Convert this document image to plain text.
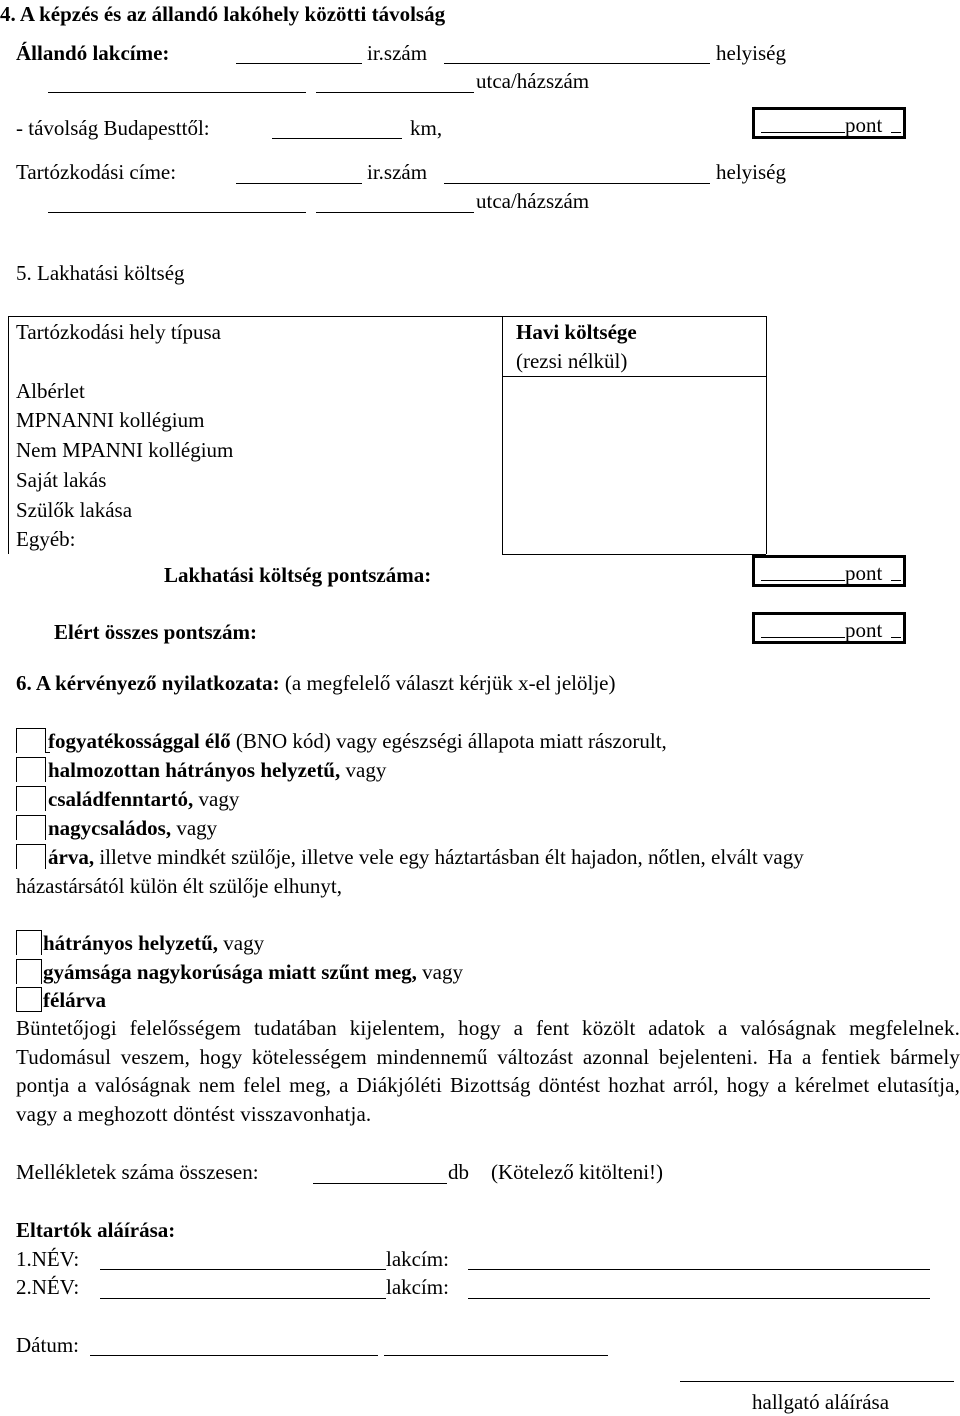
4. A képzés és az állandó lakóhely közötti távolság
Állandó lakcíme:	ir.szám	helyiség
utca/házszám
- távolság Budapesttől:	km,	pont
Tartózkodási címe:	ir.szám	helyiség
utca/házszám
5. Lakhatási költség
Tartózkodási hely típusa	Havi költsége
(rezsi nélkül)
Albérlet
MPNANNI kollégium
Nem MPANNI kollégium
Saját lakás
Szülők lakása
Egyéb:
Lakhatási költség pontszáma:	pont
Elért összes pontszám:	pont
6. A kérvényező nyilatkozata: (a megfelelő választ kérjük x-el jelölje)
fogyatékossággal élő (BNO kód) vagy egészségi állapota miatt rászorult,
halmozottan hátrányos helyzetű, vagy
családfenntartó, vagy
nagycsaládos, vagy
árva, illetve mindkét szülője, illetve vele egy háztartásban élt hajadon, nőtlen, elvált vagy
házastársától külön élt szülője elhunyt,
hátrányos helyzetű, vagy
gyámsága nagykorúsága miatt szűnt meg, vagy
félárva
Büntetőjogi felelősségem tudatában kijelentem, hogy a fent közölt adatok a valóságnak megfelelnek. Tudomásul veszem, hogy kötelességem mindennemű változást azonnal bejelenteni. Ha a fentiek bármely pontja a valóságnak nem felel meg, a Diákjóléti Bizottság döntést hozhat arról, hogy a kérelmet elutasítja, vagy a meghozott döntést visszavonhatja.
Mellékletek száma összesen:	db (Kötelező kitölteni!)
Eltartók aláírása:
1.NÉV:	lakcím:
2.NÉV:	lakcím:
Dátum:
hallgató aláírása
